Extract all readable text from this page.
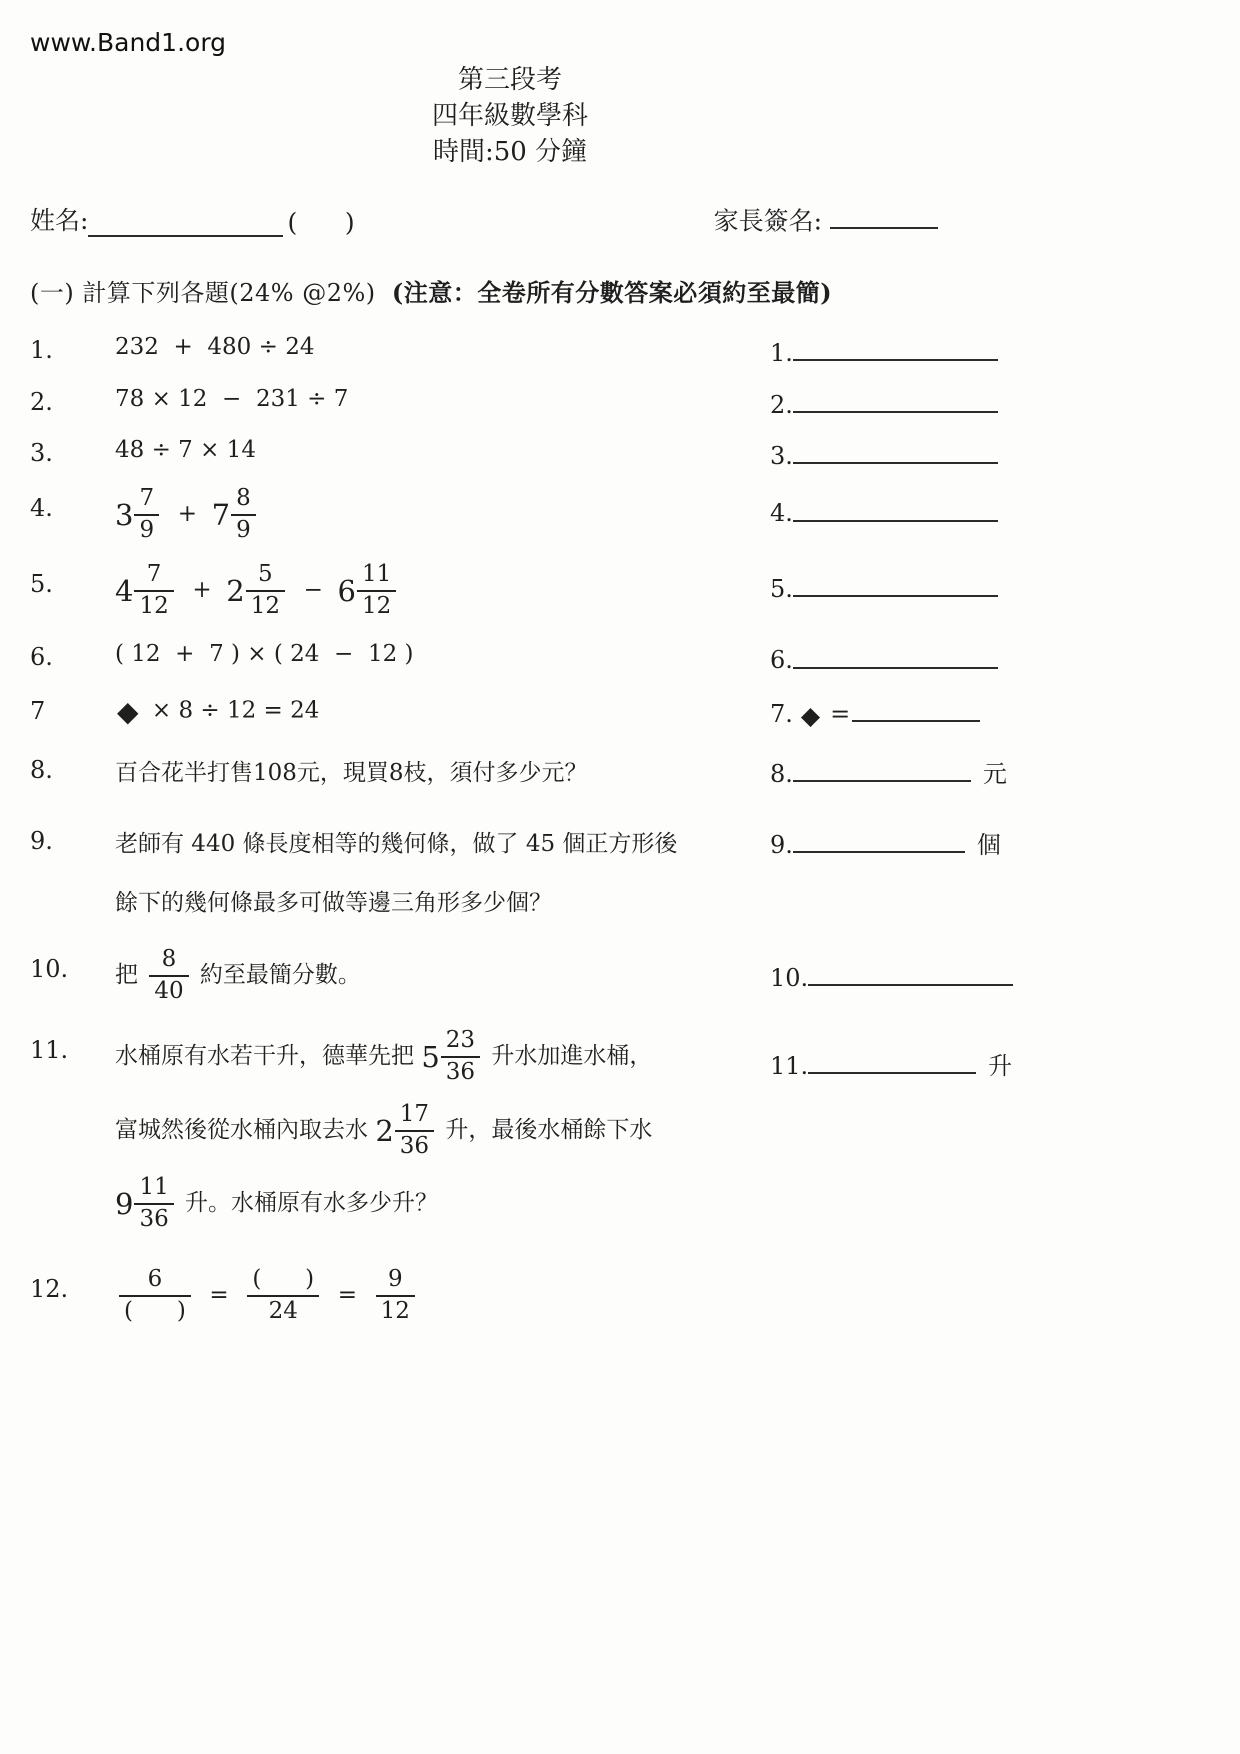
www.Band1.org
第三段考
四年級數學科
時間:50 分鐘
姓名:	(      )	家長簽名:
(一) 計算下列各題(24% @2%)  (注意：全卷所有分數答案必須約至最簡)
1.	232  +  480 ÷ 24	1.
2.	78 × 12  −  231 ÷ 7	2.
3.	48 ÷ 7 × 14	3.
4.	$3 \frac{7}{9} + 7 \frac{8}{9}$	4.
5.	$4 \frac{7}{12} + 2 \frac{5}{12} - 6 \frac{11}{12}$	5.
6.	( 12  +  7 ) × ( 24  −  12 )	6.
7	◆ × 8 ÷ 12 = 24	7. ◆ =
8.	百合花半打售108元，現買8枝，須付多少元？	8.	元
9.	老師有 440 條長度相等的幾何條，做了 45 個正方形後
餘下的幾何條最多可做等邊三角形多少個？
9.	個
10.	把 $\frac{8}{40}$ 約至最簡分數。	10.
11.	水桶原有水若干升，德華先把 $5 \frac{23}{36}$ 升水加進水桶，
富城然後從水桶內取去水 $2 \frac{17}{36}$ 升，最後水桶餘下水
$9 \frac{11}{36}$ 升。水桶原有水多少升？
11.	升
12.	$\frac{6}{( )} = \frac{( )}{24} = \frac{9}{12}$
